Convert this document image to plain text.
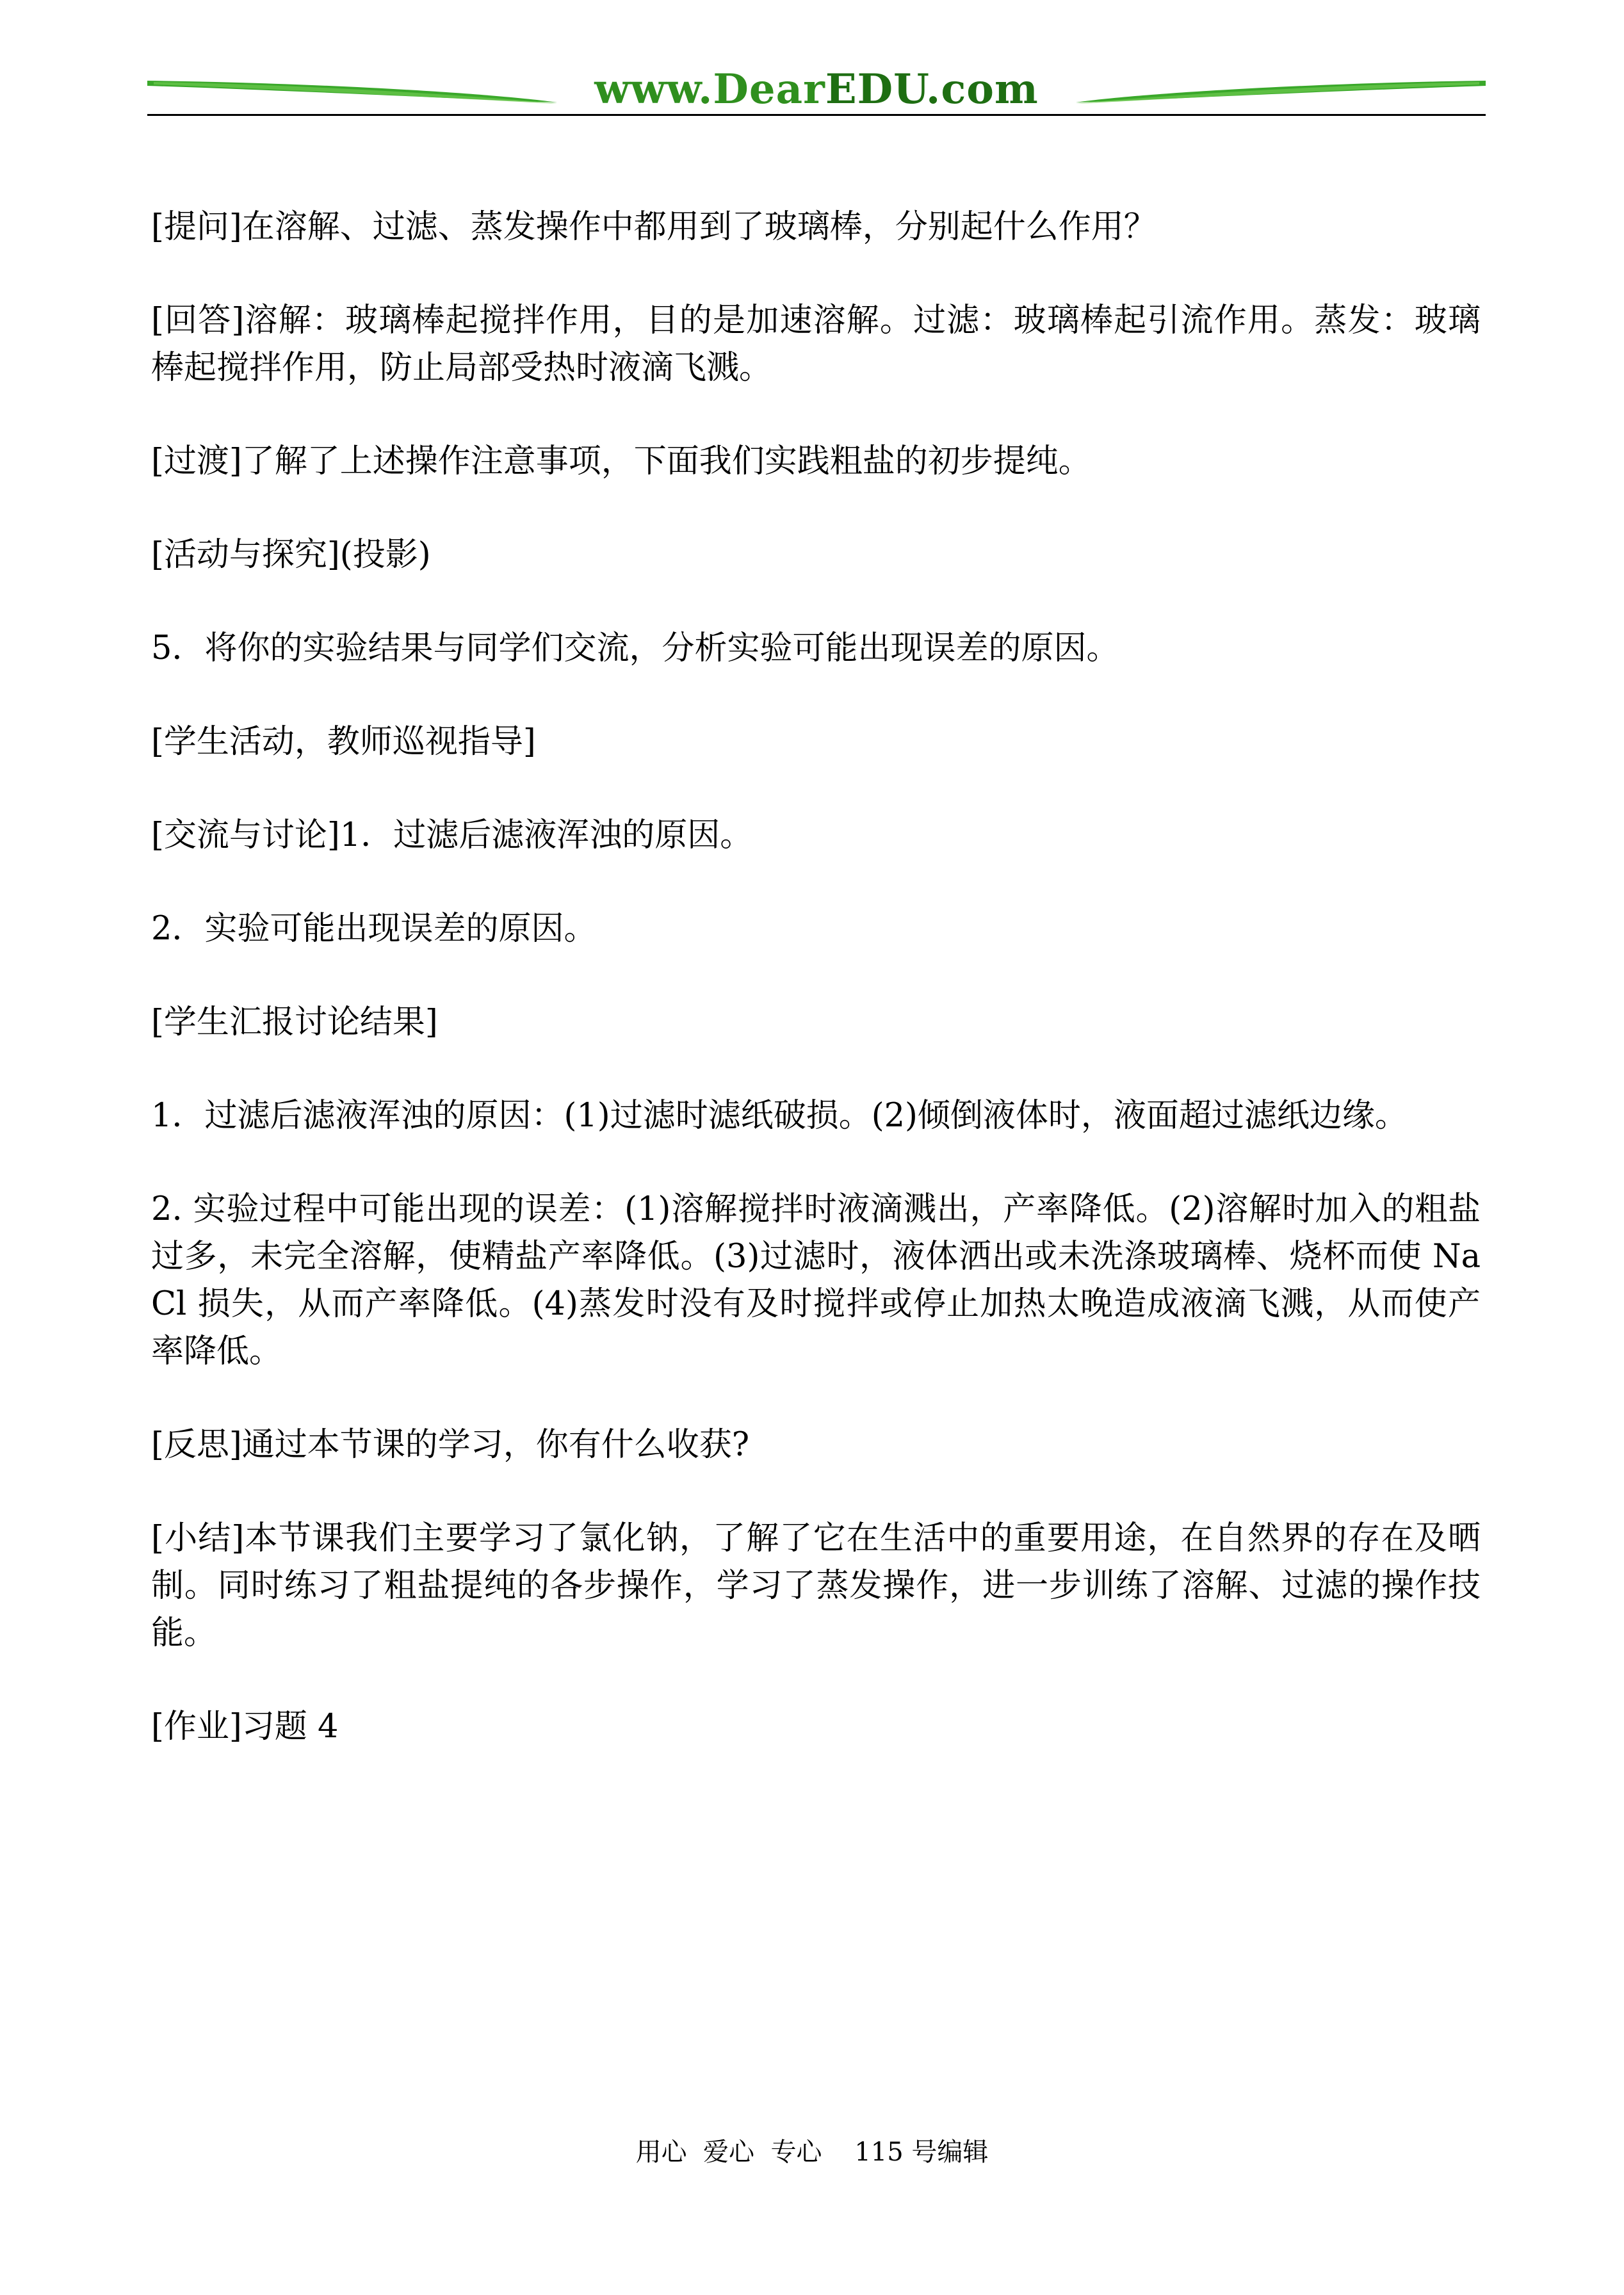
www.DearEDU.com

[提问]在溶解、过滤、蒸发操作中都用到了玻璃棒，分别起什么作用？

[回答]溶解：玻璃棒起搅拌作用，目的是加速溶解。过滤：玻璃棒起引流作用。蒸发：玻璃棒起搅拌作用，防止局部受热时液滴飞溅。

[过渡]了解了上述操作注意事项，下面我们实践粗盐的初步提纯。

[活动与探究](投影)

5．将你的实验结果与同学们交流，分析实验可能出现误差的原因。

[学生活动，教师巡视指导]

[交流与讨论]1．过滤后滤液浑浊的原因。

2．实验可能出现误差的原因。

[学生汇报讨论结果]

1．过滤后滤液浑浊的原因：(1)过滤时滤纸破损。(2)倾倒液体时，液面超过滤纸边缘。

2. 实验过程中可能出现的误差：(1)溶解搅拌时液滴溅出，产率降低。(2)溶解时加入的粗盐过多，未完全溶解，使精盐产率降低。(3)过滤时，液体洒出或未洗涤玻璃棒、烧杯而使 NaCl 损失，从而产率降低。(4)蒸发时没有及时搅拌或停止加热太晚造成液滴飞溅，从而使产率降低。

[反思]通过本节课的学习，你有什么收获?

[小结]本节课我们主要学习了氯化钠，了解了它在生活中的重要用途，在自然界的存在及晒制。同时练习了粗盐提纯的各步操作，学习了蒸发操作，进一步训练了溶解、过滤的操作技能。

[作业]习题 4

用心  爱心  专心    115 号编辑
